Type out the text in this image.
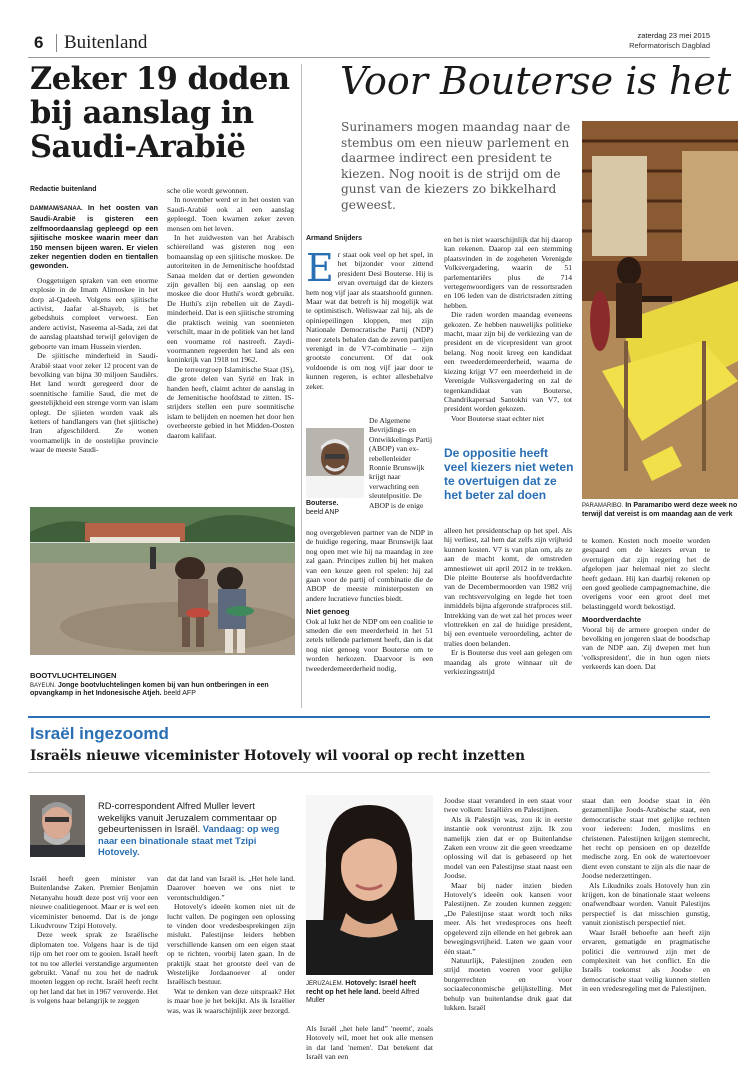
6 Buitenland	zaterdag 23 mei 2015
Reformatorisch Dagblad
Zeker 19 doden bij aanslag in Saudi-Arabië
Redactie buitenland

DAMMAM/SANAA. In het oosten van Saudi-Arabië is gisteren een zelfmoordaanslag gepleegd op een sjiitische moskee waarin meer dan 150 mensen bijeen waren. Er vielen zeker negentien doden en tientallen gewonden.

Ooggetuigen spraken van een enorme explosie in de Imam Alimoskee in het dorp al-Qadeeh. Volgens een sjiitische activist, Jaafar al-Shayeb, is het gebedshuis compleet verwoest. Een andere activist, Naseema al-Sada, zei dat de aanslag plaatshad terwijl gelovigen de geboorte van imam Hussein vierden.

De sjiitische minderheid in Saudi-Arabië staat voor zeker 12 procent van de bevolking van bijna 30 miljoen Saudiërs. Het land wordt geregeerd door de soennitische familie Saud, die met de geestelijkheid een strenge vorm van islam oplegt. De sjiieten worden vaak als ketters of handlangers van (het sjiitische) Iran afgeschilderd. Ze wonen voornamelijk in de oostelijke provincie waar de meeste Saudi-

sche olie wordt gewonnen.

In november werd er in het oosten van Saudi-Arabië ook al een aanslag gepleegd. Toen kwamen zeker zeven mensen om het leven.

In het zuidwesten van het Arabisch schiereiland was gisteren nog een bomaanslag op een sjiitische moskee. De autoriteiten in de Jemenitische hoofdstad Sanaa melden dat er dertien gewonden zijn gevallen bij een aanslag op een moskee die door Huthi's wordt gebruikt. De Huthi's zijn rebellen uit de Zaydi-minderheid. Dat is een sjiitische stroming die praktisch weinig van soennieten verschilt, maar in de politiek van het land een voorname rol nastreeft. Zaydi-voormannen regeerden het land als een koninkrijk van 1918 tot 1962.

De terreurgroep Islamitische Staat (IS), die grote delen van Syrië en Irak in handen heeft, claimt achter de aanslag in de Jemenitische hoofdstad te zitten. IS-strijders stellen een pure soennitische islam te belijden en noemen het door hen overheerste gebied in het Midden-Oosten daarom kalifaat.

BOOTVLUCHTELINGEN
BAYEUN. Jonge bootvluchtelingen komen bij van hun ontberingen in een opvangkamp in het Indonesische Atjeh. beeld AFP
Voor Bouterse is het
Surinamers mogen maandag naar de stembus om een nieuw parlement en daarmee indirect een president te kiezen. Nog nooit is de strijd om de gunst van de kiezers zo bikkelhard geweest.
Armand Snijders
E r staat ook veel op het spel, in het bijzonder voor zittend president Desi Bouterse. Hij is ervan overtuigd dat de kiezers hem nog vijf jaar als staatshoofd gunnen. Maar wat dat betreft is hij mogelijk wat te optimistisch. Weliswaar zal hij, als de opiniepeilingen kloppen, met zijn Nationale Democratische Partij (NDP) meer zetels behalen dan de zeven partijen verenigd in de V7-combinatie – zijn grootste concurrent. Of dat ook voldoende is om nog vijf jaar door te kunnen regeren, is echter allesbehalve zeker.

Bouterse.
beeld ANP
De Algemene Bevrijdings- en Ontwikkelings Partij (ABOP) van ex-rebellenleider Ronnie Brunswijk krijgt naar verwachting een sleutelpositie. De ABOP is de enige

nog overgebleven partner van de NDP in de huidige regering, maar Brunswijk laat nog open met wie hij na maandag in zee zal gaan. Principes zullen bij het maken van een keuze geen rol spelen: hij zal gaan voor de partij of combinatie die de ABOP de meeste ministerposten en andere lucratieve functies biedt.

Niet genoeg

Ook al lukt het de NDP om een coalitie te smeden die een meerderheid in het 51 zetels tellende parlement heeft, dan is dat nog niet genoeg voor Bouterse om te worden herkozen. Daarvoor is een tweederdemeerderheid nodig,

en het is niet waarschijnlijk dat hij daarop kan rekenen. Daarop zal een stemming plaatsvinden in de zogeheten Verenigde Volksvergadering, waarin de 51 parlementariërs plus de 714 vertegenwoordigers van de ressortsraden en 106 leden van de districtsraden zitting hebben.

Die raden worden maandag eveneens gekozen. Ze hebben nauwelijks politieke macht, maar zijn bij de verkiezing van de president en de vicepresident van groot belang. Nog nooit kreeg een kandidaat een tweederdemeerderheid, waarna de kiezing krijgt V7 een meerderheid in de Verenigde Volksvergadering en zal de tegenkandidaat van Bouterse, Chandrikapersad Santokhi van V7, tot president worden gekozen.

Voor Bouterse staat echter niet

De oppositie heeft veel kiezers niet weten te overtuigen dat ze het beter zal doen

alleen het presidentschap op het spel. Als hij verliest, zal hem dat zelfs zijn vrijheid kunnen kosten. V7 is van plan om, als ze aan de macht komt, de omstreden amnestiewet uit april 2012 in te trekken. Die pleitte Bouterse als hoofdverdachte van de Decembermoorden van 1982 vrij van rechtsvervolging en legde het toen inmiddels bijna afgeronde strafproces stil. Intrekking van de wet zal het proces weer vlottrekken en zal de huidige president, bij een eventuele veroordeling, achter de tralies doen belanden.

Er is Bouterse dus veel aan gelegen om maandag als grote winnaar uit de verkiezingsstrijd

PARAMARIBO. In Paramaribo werd deze week no terwijl dat vereist is om maandag aan de verk

te komen. Kosten noch moeite worden gespaard om de kiezers ervan te overtuigen dat zijn regering het de afgelopen jaar helemaal niet zo slecht heeft gedaan. Hij kan daarbij rekenen op een goed geoliede campagnemachine, die overigens voor een groot deel met belastinggeld wordt bekostigd.

Moordverdachte

Vooral bij de armere groepen onder de bevolking en jongeren slaat de boodschap van de NDP aan. Zij dwepen met hun 'volkspresident', die in hun ogen niets verkeerds kan doen. Dat

Israël ingezoomd
Israëls nieuwe viceminister Hotovely wil vooral op recht inzetten
RD-correspondent Alfred Muller levert wekelijks vanuit Jeruzalem commentaar op gebeurtenissen in Israël. Vandaag: op weg naar een binationale staat met Tzipi Hotovely.

Israël heeft geen minister van Buitenlandse Zaken. Premier Benjamin Netanyahu houdt deze post vrij voor een nieuwe coalitiegenoot. Maar er is wel een viceminister benoemd. Dat is de jonge Likudvrouw Tzipi Hotovely.

Deze week sprak ze Israëlische diplomaten toe. Volgens haar is de tijd rijp om het roer om te gooien. Israël heeft tot nu toe allerlei verstandige argumenten gebruikt. Vanaf nu zou het de nadruk moeten leggen op recht. Israël heeft recht op het land dat het in 1967 veroverde. Het is volgens haar belangrijk te zeggen

dat dat land van Israël is. „Het hele land. Daarover hoeven we ons niet te verontschuldigen.”

Hotovely's ideeën komen niet uit de lucht vallen. De pogingen een oplossing te vinden door vredesbesprekingen zijn mislukt. Palestijnse leiders hebben verschillende kansen om een eigen staat op te richten, voorbij laten gaan. In de praktijk staat het grootste deel van de Westelijke Jordaanoever al onder Israëlisch bestuur.

Wat te denken van deze uitspraak? Het is maar hoe je het bekijkt. Als ik Israëlier was, was ik waarschijnlijk zeer bezorgd.

JERUZALEM. Hotovely: Israël heeft recht op het hele land. beeld Alfred Muller
Als Israël „het hele land” 'neemt', zoals Hotovely wil, moet het ook alle mensen in dat land 'nemen'. Dat betekent dat Israël van een

Joodse staat veranderd in een staat voor twee volken: Israëliërs en Palestijnen.

Als ik Palestijn was, zou ik in eerste instantie ook verontrust zijn. Ik zou namelijk zien dat er op Buitenlandse Zaken een vrouw zit die geen vreedzame oplossing wil dat is gebaseerd op het model van een Palestijnse staat naast een Joodse.

Maar bij nader inzien bieden Hotovely's ideeën ook kansen voor Palestijnen. Ze zouden kunnen zeggen: „De Palestijnse staat wordt toch niks meer. Als het vredesproces ons heeft opgeleverd zijn ellende en het gebrek aan bewegingsvrijheid. Laten we gaan voor één staat.”

Natuurlijk, Palestijnen zouden een strijd moeten voeren voor gelijke burgerrechten en voor sociaaleconomische gelijkstelling. Met behulp van buitenlandse druk gaat dat lukken. Israël

staat dan een Joodse staat in één gezamenlijke Joods-Arabische staat, een democratische staat met gelijke rechten voor iedereen: Joden, moslims en christenen. Palestijnen krijgen stemrecht, het recht op pensioen en op dezelfde medische zorg. En ook de watertoevoer dient even constant te zijn als die naar de Joodse nederzettingen.

Als Likudniks zoals Hotovely hun zin krijgen, kon de binationale staat weleens onafwendbaar worden. Vanuit Palestijns perspectief is dat misschien gunstig, vanuit zionistisch perspectief niet.

Waar Israël behoefte aan heeft zijn ervaren, gematigde en pragmatische politici die vertrouwd zijn met de complexiteit van het conflict. En die Israëls toekomst als Joodse en democratische staat veilig kunnen stellen in een vredesregeling met de Palestijnen.
